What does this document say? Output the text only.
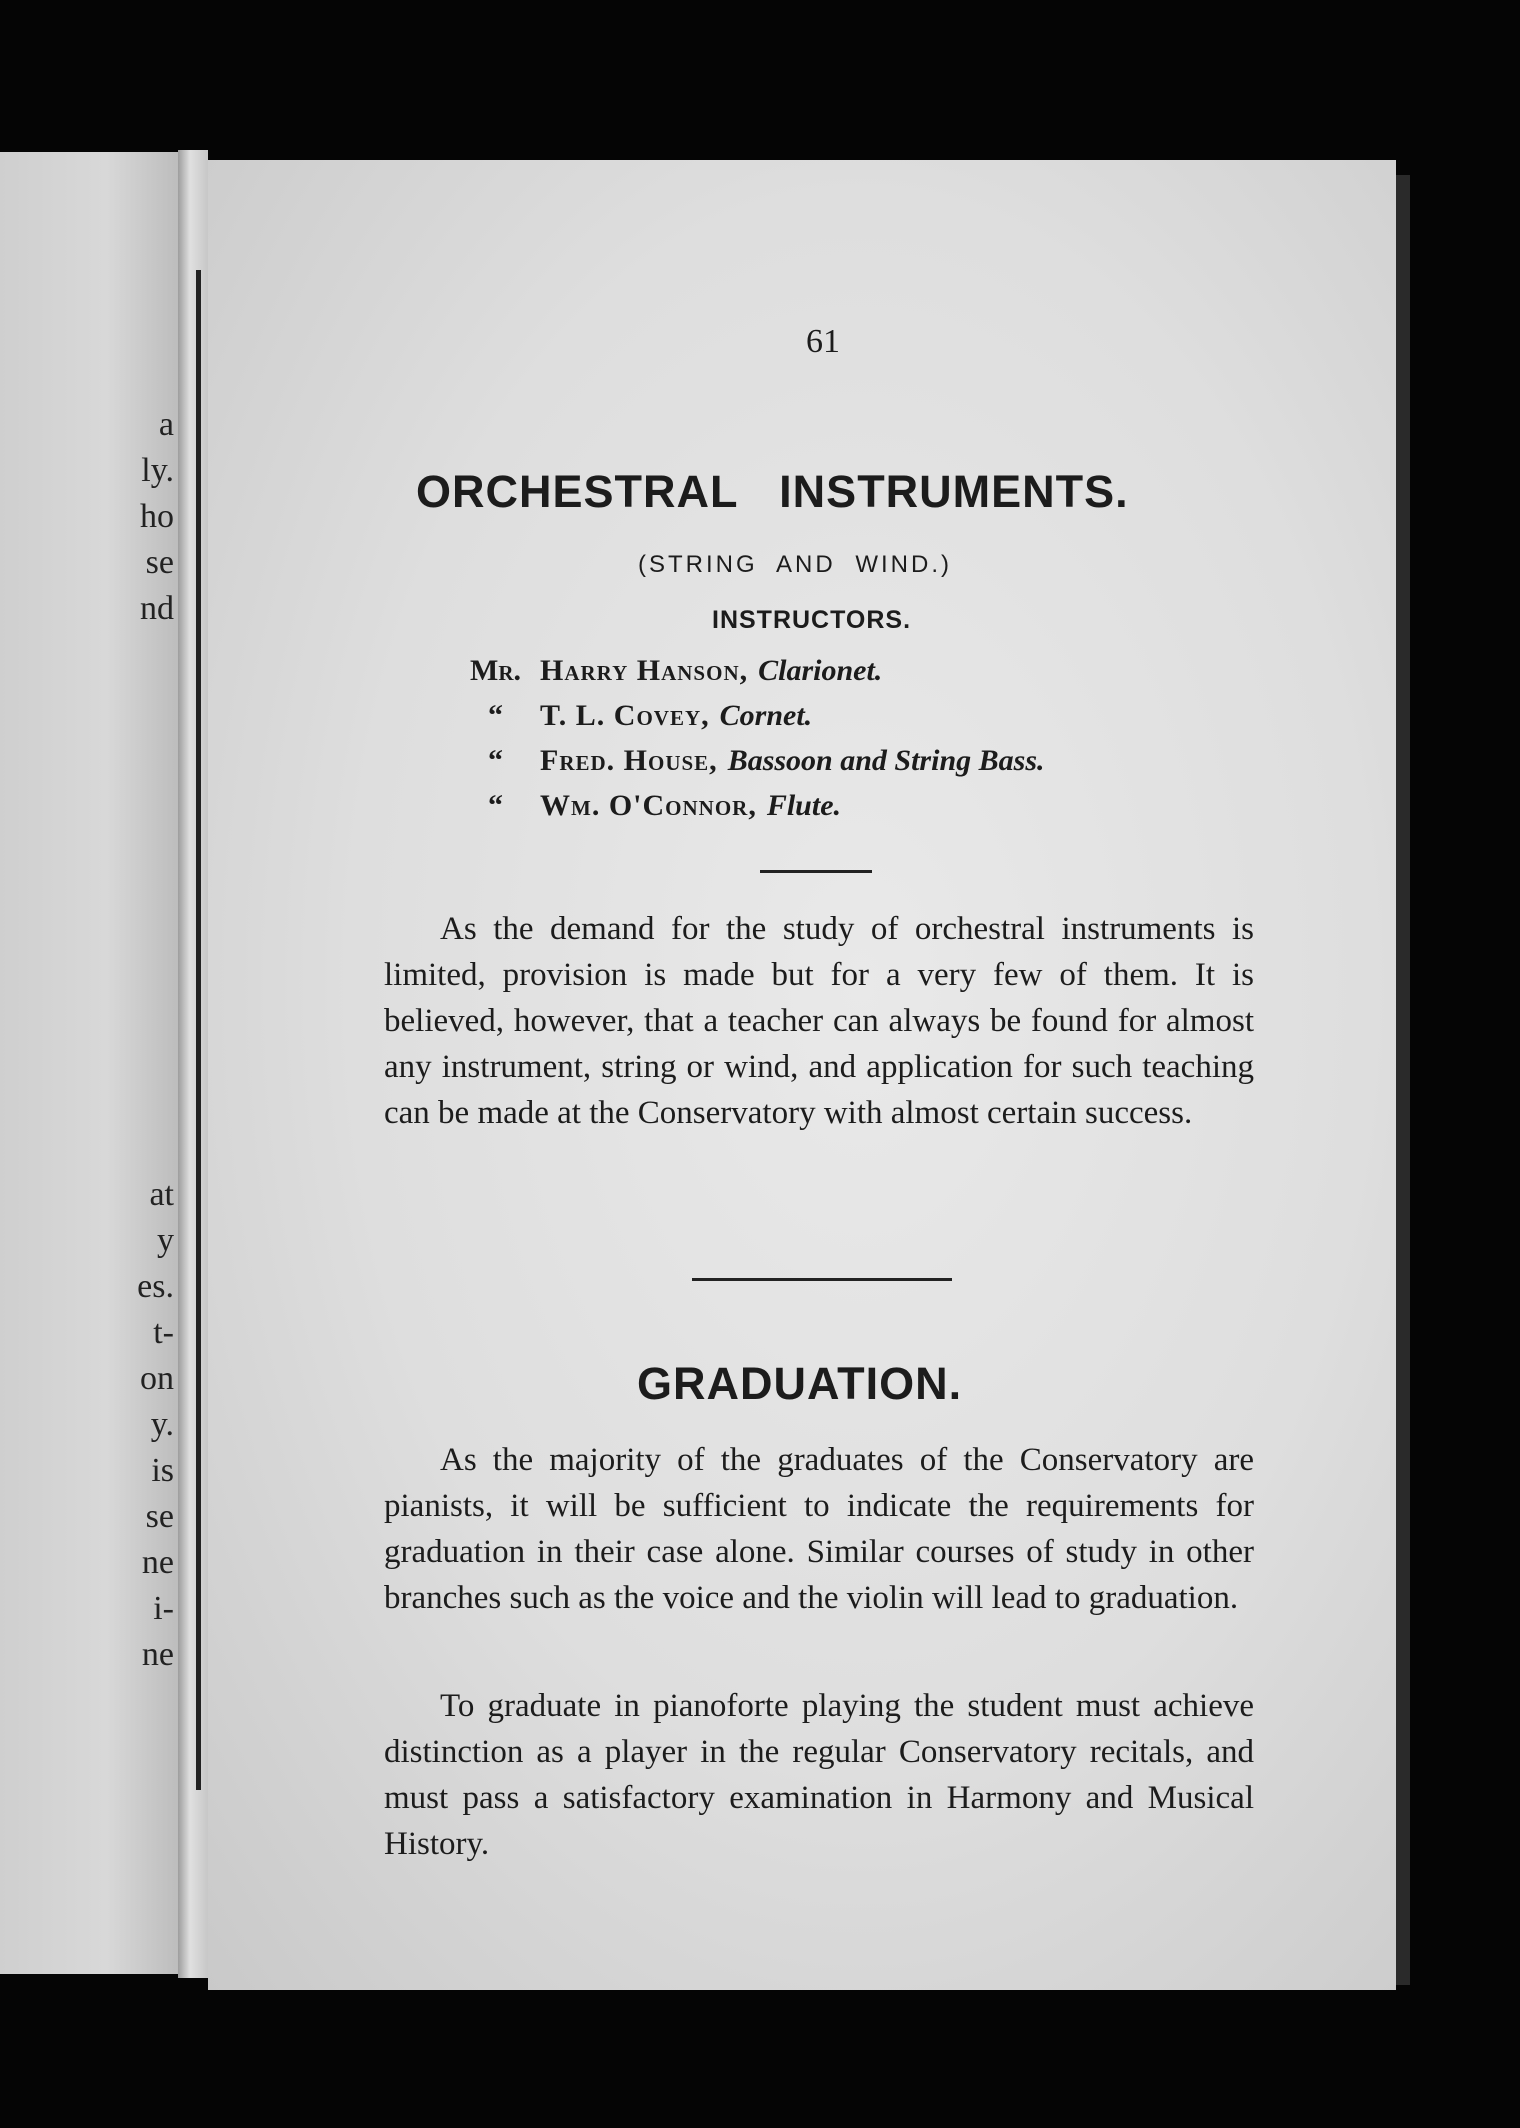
a
ly.
ho
se
nd
at
y
es.
t-
on
y.
is
se
ne
i-
ne
61
ORCHESTRAL INSTRUMENTS.
(STRING AND WIND.)
INSTRUCTORS.
Mr. Harry Hanson, Clarionet.
“	T. L. Covey, Cornet.
“	Fred. House, Bassoon and String Bass.
“	Wm. O'Connor, Flute.

As the demand for the study of orchestral instruments is limited, provision is made but for a very few of them. It is believed, however, that a teacher can always be found for almost any instrument, string or wind, and application for such teaching can be made at the Conservatory with almost certain success.

GRADUATION.

As the majority of the graduates of the Conservatory are pianists, it will be sufficient to indicate the requirements for graduation in their case alone. Similar courses of study in other branches such as the voice and the violin will lead to graduation.

To graduate in pianoforte playing the student must achieve distinction as a player in the regular Conservatory recitals, and must pass a satisfactory examination in Harmony and Musical History.
